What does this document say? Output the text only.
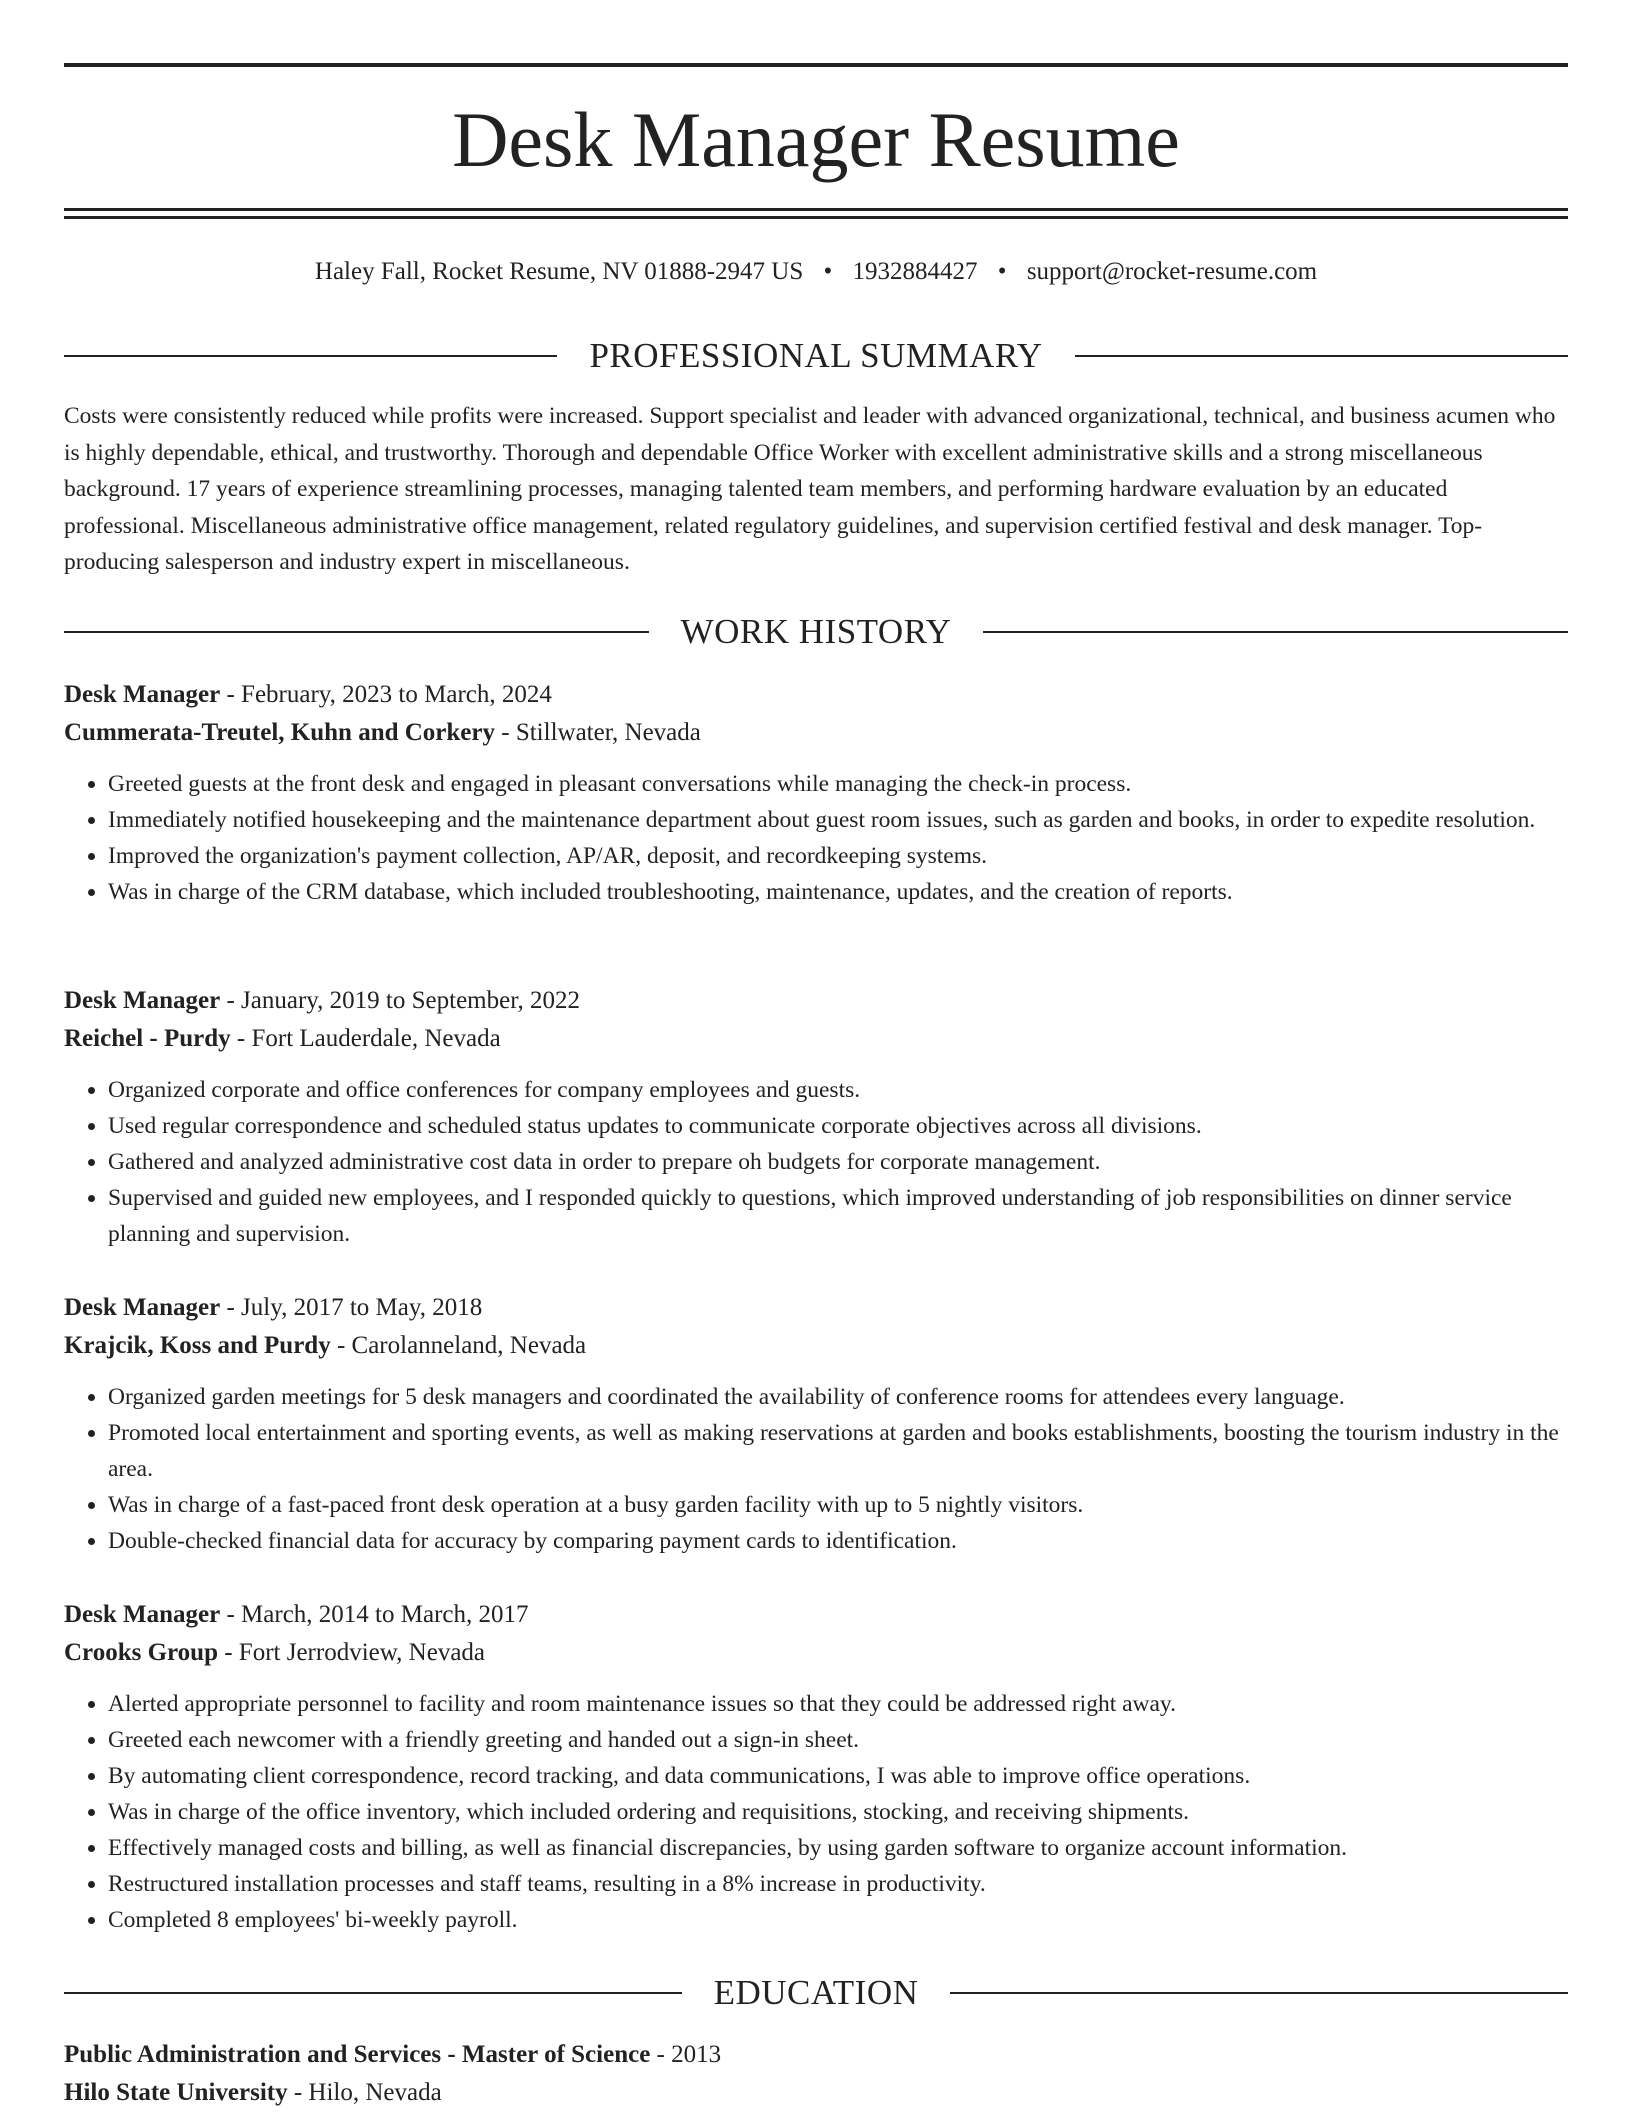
Desk Manager Resume
Haley Fall, Rocket Resume, NV 01888-2947 US • 1932884427 • support@rocket-resume.com
PROFESSIONAL SUMMARY

Costs were consistently reduced while profits were increased. Support specialist and leader with advanced organizational, technical, and business acumen who is highly dependable, ethical, and trustworthy. Thorough and dependable Office Worker with excellent administrative skills and a strong miscellaneous background. 17 years of experience streamlining processes, managing talented team members, and performing hardware evaluation by an educated professional. Miscellaneous administrative office management, related regulatory guidelines, and supervision certified festival and desk manager. Top-producing salesperson and industry expert in miscellaneous.

WORK HISTORY
Desk Manager - February, 2023 to March, 2024
Cummerata-Treutel, Kuhn and Corkery - Stillwater, Nevada
• Greeted guests at the front desk and engaged in pleasant conversations while managing the check-in process.
• Immediately notified housekeeping and the maintenance department about guest room issues, such as garden and books, in order to expedite resolution.
• Improved the organization's payment collection, AP/AR, deposit, and recordkeeping systems.
• Was in charge of the CRM database, which included troubleshooting, maintenance, updates, and the creation of reports.
Desk Manager - January, 2019 to September, 2022
Reichel - Purdy - Fort Lauderdale, Nevada
• Organized corporate and office conferences for company employees and guests.
• Used regular correspondence and scheduled status updates to communicate corporate objectives across all divisions.
• Gathered and analyzed administrative cost data in order to prepare oh budgets for corporate management.
• Supervised and guided new employees, and I responded quickly to questions, which improved understanding of job responsibilities on dinner service planning and supervision.
Desk Manager - July, 2017 to May, 2018
Krajcik, Koss and Purdy - Carolanneland, Nevada
• Organized garden meetings for 5 desk managers and coordinated the availability of conference rooms for attendees every language.
• Promoted local entertainment and sporting events, as well as making reservations at garden and books establishments, boosting the tourism industry in the area.
• Was in charge of a fast-paced front desk operation at a busy garden facility with up to 5 nightly visitors.
• Double-checked financial data for accuracy by comparing payment cards to identification.
Desk Manager - March, 2014 to March, 2017
Crooks Group - Fort Jerrodview, Nevada
• Alerted appropriate personnel to facility and room maintenance issues so that they could be addressed right away.
• Greeted each newcomer with a friendly greeting and handed out a sign-in sheet.
• By automating client correspondence, record tracking, and data communications, I was able to improve office operations.
• Was in charge of the office inventory, which included ordering and requisitions, stocking, and receiving shipments.
• Effectively managed costs and billing, as well as financial discrepancies, by using garden software to organize account information.
• Restructured installation processes and staff teams, resulting in a 8% increase in productivity.
• Completed 8 employees' bi-weekly payroll.
EDUCATION
Public Administration and Services - Master of Science - 2013
Hilo State University - Hilo, Nevada
